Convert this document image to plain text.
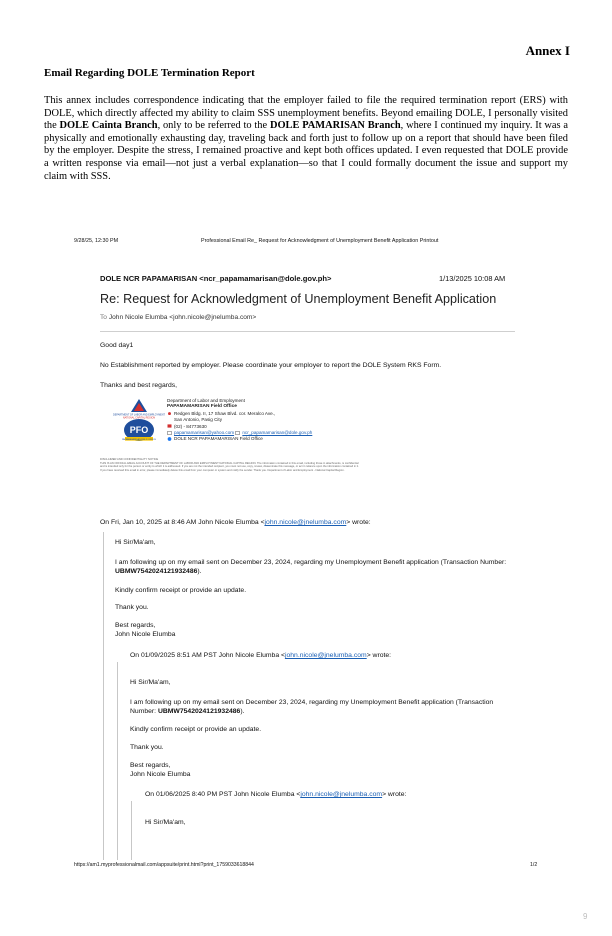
Annex I
Email Regarding DOLE Termination Report

This annex includes correspondence indicating that the employer failed to file the required termination report (ERS) with DOLE, which directly affected my ability to claim SSS unemployment benefits. Beyond emailing DOLE, I personally visited the DOLE Cainta Branch, only to be referred to the DOLE PAMARISAN Branch, where I continued my inquiry. It was a physically and emotionally exhausting day, traveling back and forth just to follow up on a report that should have been filed by the employer. Despite the stress, I remained proactive and kept both offices updated. I even requested that DOLE provide a written response via email—not just a verbal explanation—so that I could formally document the issue and support my claim with SSS.

9/28/25, 12:30 PM	Professional Email Re_ Request for Acknowledgment of Unemployment Benefit Application Printout
DOLE NCR PAPAMARISAN <ncr_papamamarisan@dole.gov.ph>	1/13/2025 10:08 AM
Re: Request for Acknowledgment of Unemployment Benefit Application
To John Nicole Elumba <john.nicole@jnelumba.com>

Good day1

No Establishment reported by employer. Please coordinate your employer to report the DOLE System RKS Form.

Thanks and best regards,

DEPARTMENT OF LABOR AND EMPLOYMENT
NATIONAL CAPITAL REGION
PFO
PAPAMAMARISAN FIELD OFFICE
Department of Labor and Employment
PAPAMAMARISAN Field Office
Redgen Bldg. II, 17 Shaw Blvd. cor. Meralco Ave.,
San Antonio, Pasig City
(02) - 84773630
papamamarisan@yahoo.com ncr_papamamarisan@dole.gov.ph
DOLE NCR PAPAMAMARISAN Field Office

DISCLAIMER AND CONFIDENTIALITY NOTICE
THIS IS AN OFFICIAL EMAIL ACCOUNT OF THE DEPARTMENT OF LABOR AND EMPLOYMENT NATIONAL CAPITAL REGION. The information contained in this email, including those in attachments, is confidential and is intended only for the person or entity to which it is addressed. If you are not the intended recipient, you must not use, copy, review, disseminate this message, or act in reliance upon the information contained in it. If you have received this email in error, please immediately delete this email from your computer or system and notify the sender. Thank you. Department of Labor and Employment - National Capital Region.

On Fri, Jan 10, 2025 at 8:46 AM John Nicole Elumba <john.nicole@jnelumba.com> wrote:

Hi Sir/Ma'am,

I am following up on my email sent on December 23, 2024, regarding my Unemployment Benefit application (Transaction Number: UBMW7542024121932486).

Kindly confirm receipt or provide an update.

Thank you.

Best regards,
John Nicole Elumba

On 01/09/2025 8:51 AM PST John Nicole Elumba <john.nicole@jnelumba.com> wrote:

Hi Sir/Ma'am,

I am following up on my email sent on December 23, 2024, regarding my Unemployment Benefit application (Transaction Number: UBMW7542024121932486).

Kindly confirm receipt or provide an update.

Thank you.

Best regards,
John Nicole Elumba

On 01/06/2025 8:40 PM PST John Nicole Elumba <john.nicole@jnelumba.com> wrote:

Hi Sir/Ma'am,

https://am1.myprofessionalmail.com/appsuite/print.html?print_1759033618844	1/2
9
